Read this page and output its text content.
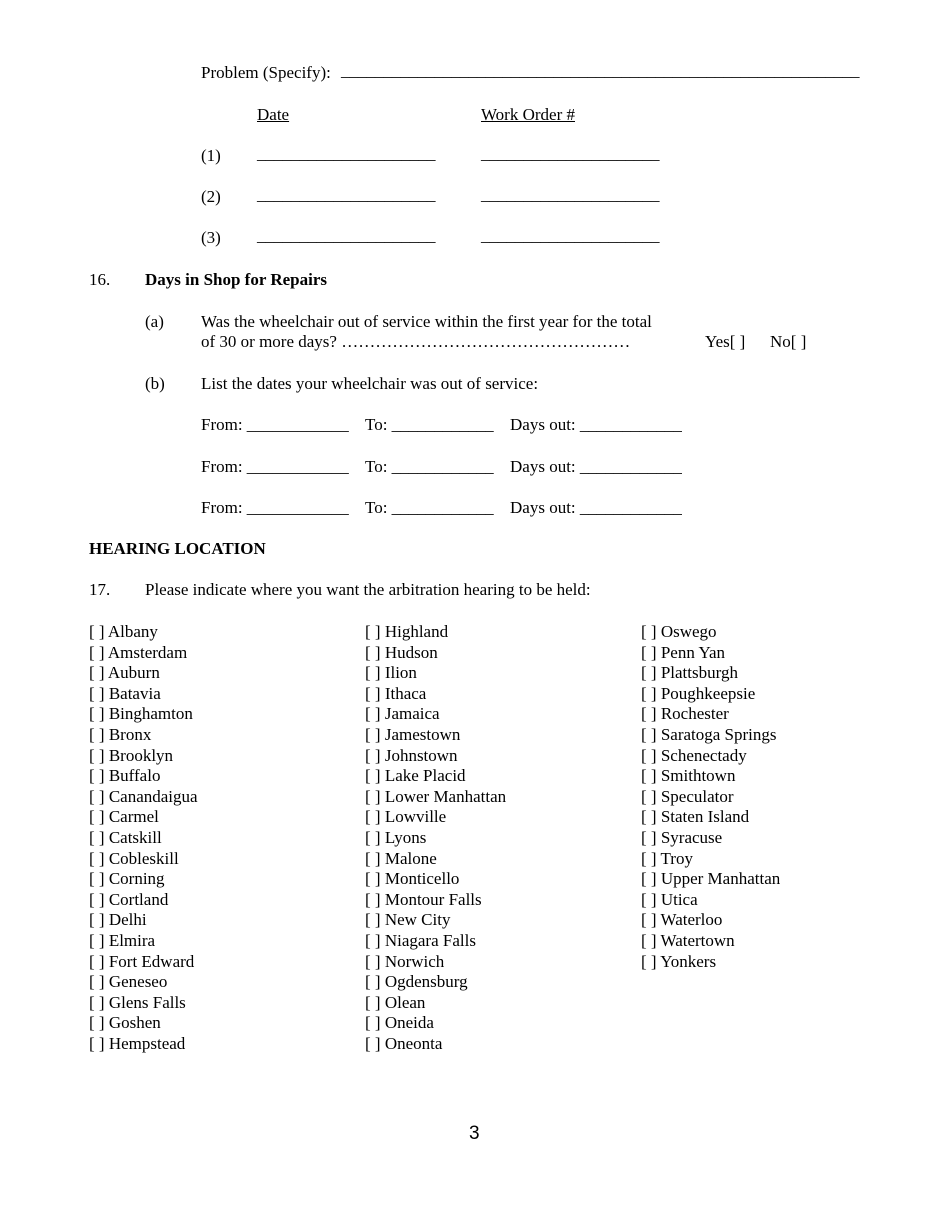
Problem (Specify): _____________________________________________________________
Date	Work Order #
(1) _____________________	_____________________
(2) _____________________	_____________________
(3) _____________________	_____________________
16. Days in Shop for Repairs
(a) Was the wheelchair out of service within the first year for the total
of 30 or more days? ……………………………………………	Yes[ ] No[ ]
(b) List the dates your wheelchair was out of service:
From: ____________ To: ____________ Days out: ____________
From: ____________ To: ____________ Days out: ____________
From: ____________ To: ____________ Days out: ____________
HEARING LOCATION
17. Please indicate where you want the arbitration hearing to be held:
[ ] Albany
[ ] Amsterdam
[ ] Auburn
[ ] Batavia
[ ] Binghamton
[ ] Bronx
[ ] Brooklyn
[ ] Buffalo
[ ] Canandaigua
[ ] Carmel
[ ] Catskill
[ ] Cobleskill
[ ] Corning
[ ] Cortland
[ ] Delhi
[ ] Elmira
[ ] Fort Edward
[ ] Geneseo
[ ] Glens Falls
[ ] Goshen
[ ] Hempstead
[ ] Highland
[ ] Hudson
[ ] Ilion
[ ] Ithaca
[ ] Jamaica
[ ] Jamestown
[ ] Johnstown
[ ] Lake Placid
[ ] Lower Manhattan
[ ] Lowville
[ ] Lyons
[ ] Malone
[ ] Monticello
[ ] Montour Falls
[ ] New City
[ ] Niagara Falls
[ ] Norwich
[ ] Ogdensburg
[ ] Olean
[ ] Oneida
[ ] Oneonta
[ ] Oswego
[ ] Penn Yan
[ ] Plattsburgh
[ ] Poughkeepsie
[ ] Rochester
[ ] Saratoga Springs
[ ] Schenectady
[ ] Smithtown
[ ] Speculator
[ ] Staten Island
[ ] Syracuse
[ ] Troy
[ ] Upper Manhattan
[ ] Utica
[ ] Waterloo
[ ] Watertown
[ ] Yonkers
3
